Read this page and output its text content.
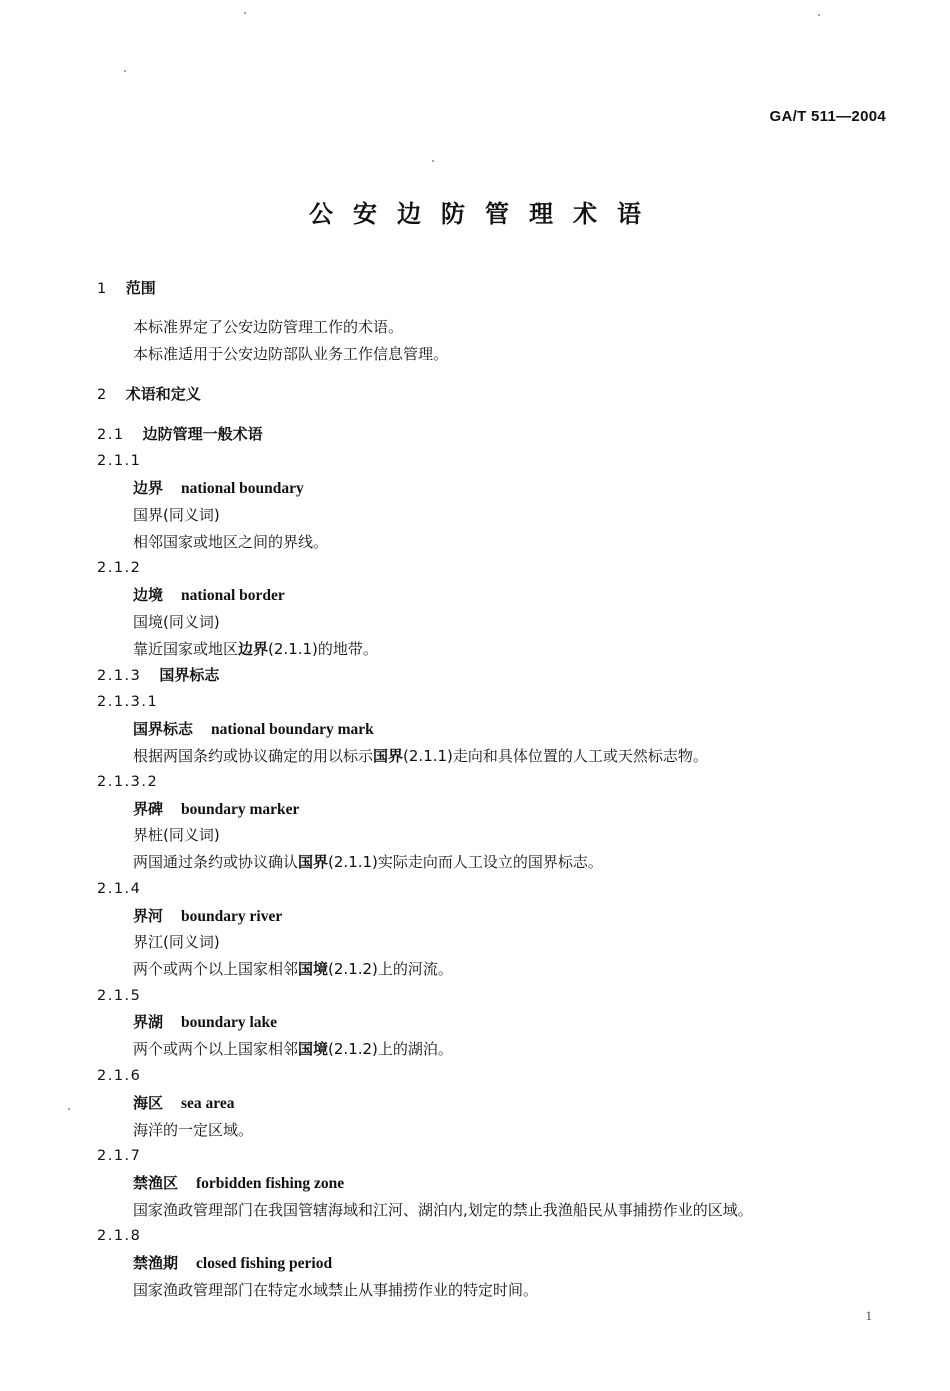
GA/T 511—2004
公安边防管理术语
1 范围
本标准界定了公安边防管理工作的术语。
本标准适用于公安边防部队业务工作信息管理。
2 术语和定义
2.1 边防管理一般术语
2.1.1
边界 national boundary
国界(同义词)
相邻国家或地区之间的界线。
2.1.2
边境 national border
国境(同义词)
靠近国家或地区边界(2.1.1)的地带。
2.1.3 国界标志
2.1.3.1
国界标志 national boundary mark
根据两国条约或协议确定的用以标示国界(2.1.1)走向和具体位置的人工或天然标志物。
2.1.3.2
界碑 boundary marker
界桩(同义词)
两国通过条约或协议确认国界(2.1.1)实际走向而人工设立的国界标志。
2.1.4
界河 boundary river
界江(同义词)
两个或两个以上国家相邻国境(2.1.2)上的河流。
2.1.5
界湖 boundary lake
两个或两个以上国家相邻国境(2.1.2)上的湖泊。
2.1.6
海区 sea area
海洋的一定区域。
2.1.7
禁渔区 forbidden fishing zone
国家渔政管理部门在我国管辖海域和江河、湖泊内,划定的禁止我渔船民从事捕捞作业的区域。
2.1.8
禁渔期 closed fishing period
国家渔政管理部门在特定水域禁止从事捕捞作业的特定时间。
1
